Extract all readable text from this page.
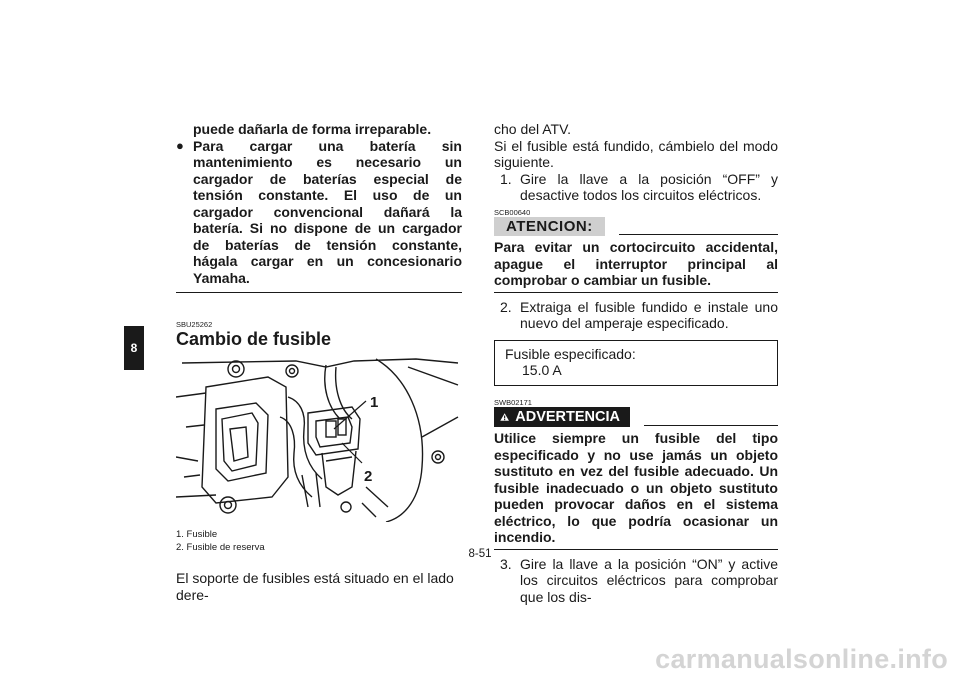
8
puede dañarla de forma irreparable.
● Para cargar una batería sin mantenimiento es necesario un cargador de baterías especial de tensión constante. El uso de un cargador convencional dañará la batería. Si no dispone de un cargador de baterías de tensión constante, hágala cargar en un concesionario Yamaha.
SBU25262
Cambio de fusible
1
2
1. Fusible
2. Fusible de reserva
El soporte de fusibles está situado en el lado dere-
cho del ATV.
Si el fusible está fundido, cámbielo del modo siguiente.
1. Gire la llave a la posición “OFF” y desactive todos los circuitos eléctricos.
SCB00640
ATENCION:
Para evitar un cortocircuito accidental, apague el interruptor principal al comprobar o cambiar un fusible.
2. Extraiga el fusible fundido e instale uno nuevo del amperaje especificado.
Fusible especificado:
15.0 A
SWB02171
ADVERTENCIA
Utilice siempre un fusible del tipo especificado y no use jamás un objeto sustituto en vez del fusible adecuado. Un fusible inadecuado o un objeto sustituto pueden provocar daños en el sistema eléctrico, lo que podría ocasionar un incendio.
3. Gire la llave a la posición “ON” y active los circuitos eléctricos para comprobar que los dis-
8-51
carmanualsonline.info
